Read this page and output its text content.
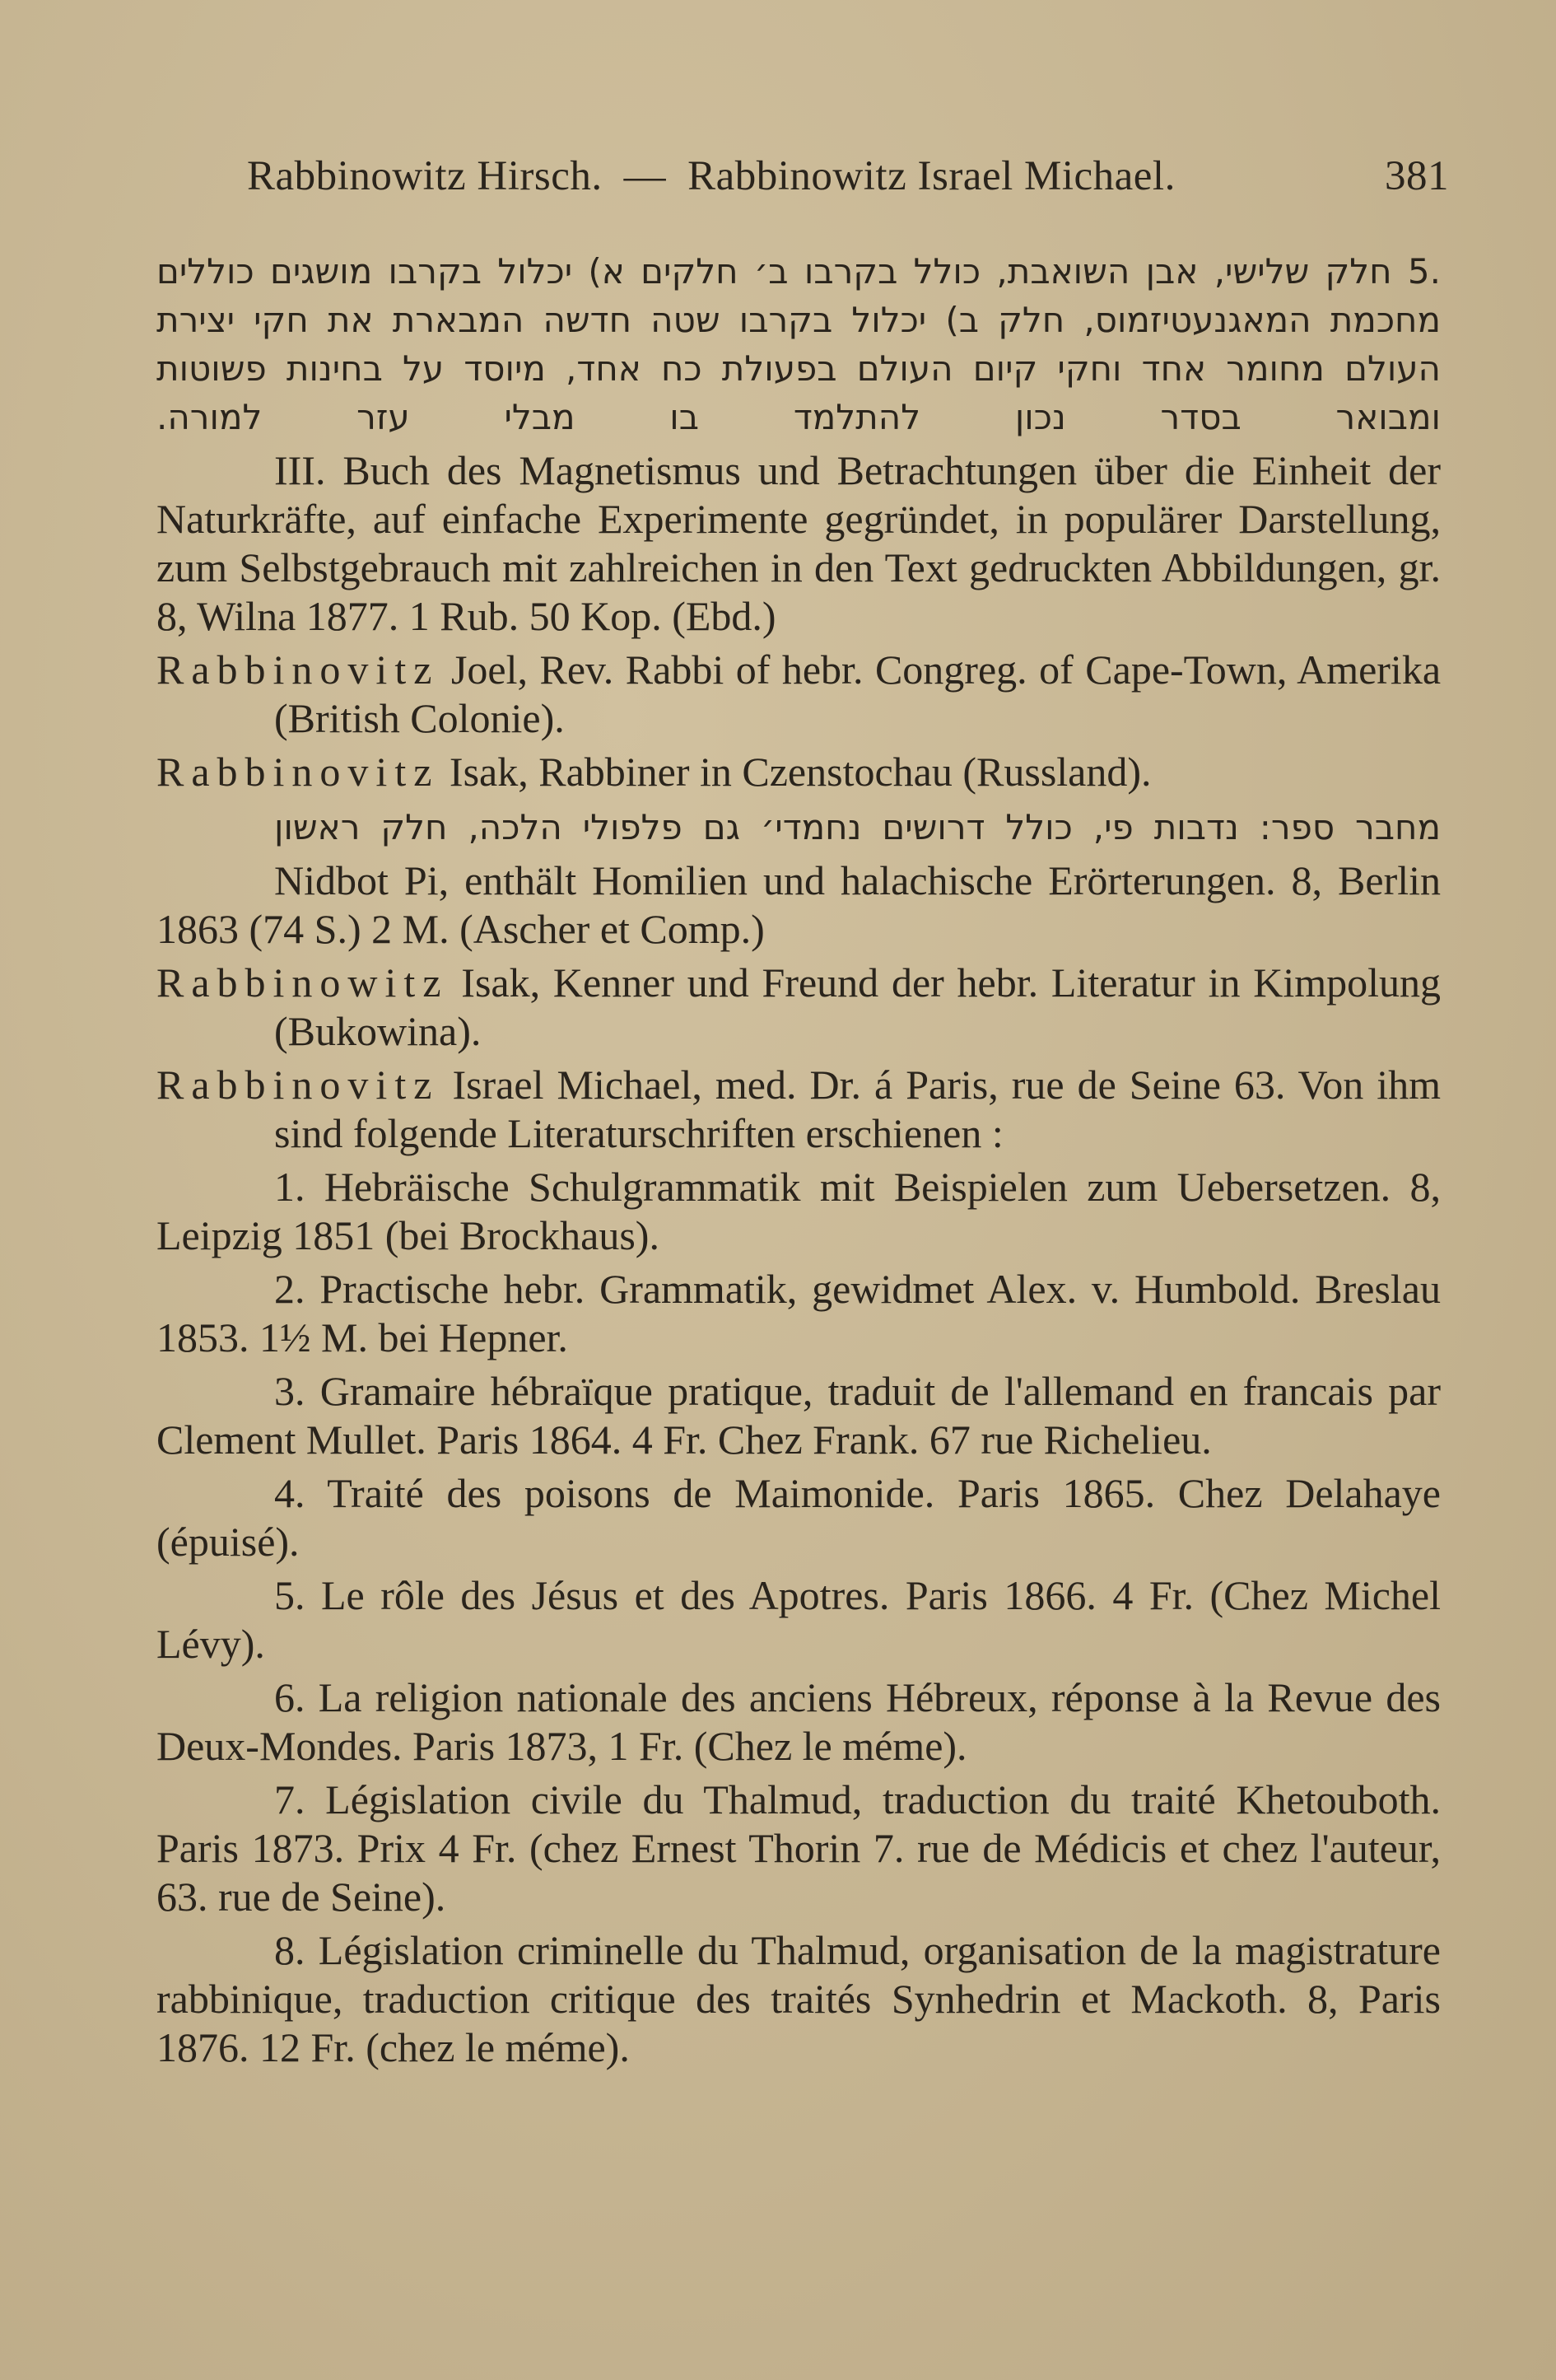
Rabbinowitz Hirsch. — Rabbinowitz Israel Michael.	381

5. חלק שלישי, אבן השואבת, כולל בקרבו ב׳ חלקים א) יכלול בקרבו מושגים כוללים מחכמת המאגנעטיזמוס, חלק ב) יכלול בקרבו שטה חדשה המבארת את חקי יצירת העולם מחומר אחד וחקי קיום העולם בפעולת כח אחד, מיוסד על בחינות פשוטות ומבואר בסדר נכון להתלמד בו מבלי עזר למורה.

III. Buch des Magnetismus und Betrachtungen über die Einheit der Naturkräfte, auf einfache Experimente gegründet, in populärer Darstellung, zum Selbstgebrauch mit zahlreichen in den Text gedruckten Abbildungen, gr. 8, Wilna 1877. 1 Rub. 50 Kop. (Ebd.)

Rabbinovitz Joel, Rev. Rabbi of hebr. Congreg. of Cape-Town, Amerika (British Colonie).

Rabbinovitz Isak, Rabbiner in Czenstochau (Russland).

מחבר ספר: נדבות פי, כולל דרושים נחמדי׳ גם פלפולי הלכה, חלק ראשון

Nidbot Pi, enthält Homilien und halachische Erörterungen. 8, Berlin 1863 (74 S.) 2 M. (Ascher et Comp.)

Rabbinowitz Isak, Kenner und Freund der hebr. Literatur in Kimpolung (Bukowina).

Rabbinovitz Israel Michael, med. Dr. á Paris, rue de Seine 63. Von ihm sind folgende Literaturschriften erschienen :

1. Hebräische Schulgrammatik mit Beispielen zum Uebersetzen. 8, Leipzig 1851 (bei Brockhaus).

2. Practische hebr. Grammatik, gewidmet Alex. v. Humbold. Breslau 1853. 1½ M. bei Hepner.

3. Gramaire hébraïque pratique, traduit de l'allemand en francais par Clement Mullet. Paris 1864. 4 Fr. Chez Frank. 67 rue Richelieu.

4. Traité des poisons de Maimonide. Paris 1865. Chez Delahaye (épuisé).

5. Le rôle des Jésus et des Apotres. Paris 1866. 4 Fr. (Chez Michel Lévy).

6. La religion nationale des anciens Hébreux, réponse à la Revue des Deux-Mondes. Paris 1873, 1 Fr. (Chez le méme).

7. Législation civile du Thalmud, traduction du traité Khetouboth. Paris 1873. Prix 4 Fr. (chez Ernest Thorin 7. rue de Médicis et chez l'auteur, 63. rue de Seine).

8. Législation criminelle du Thalmud, organisation de la magistrature rabbinique, traduction critique des traités Synhedrin et Mackoth. 8, Paris 1876. 12 Fr. (chez le méme).
